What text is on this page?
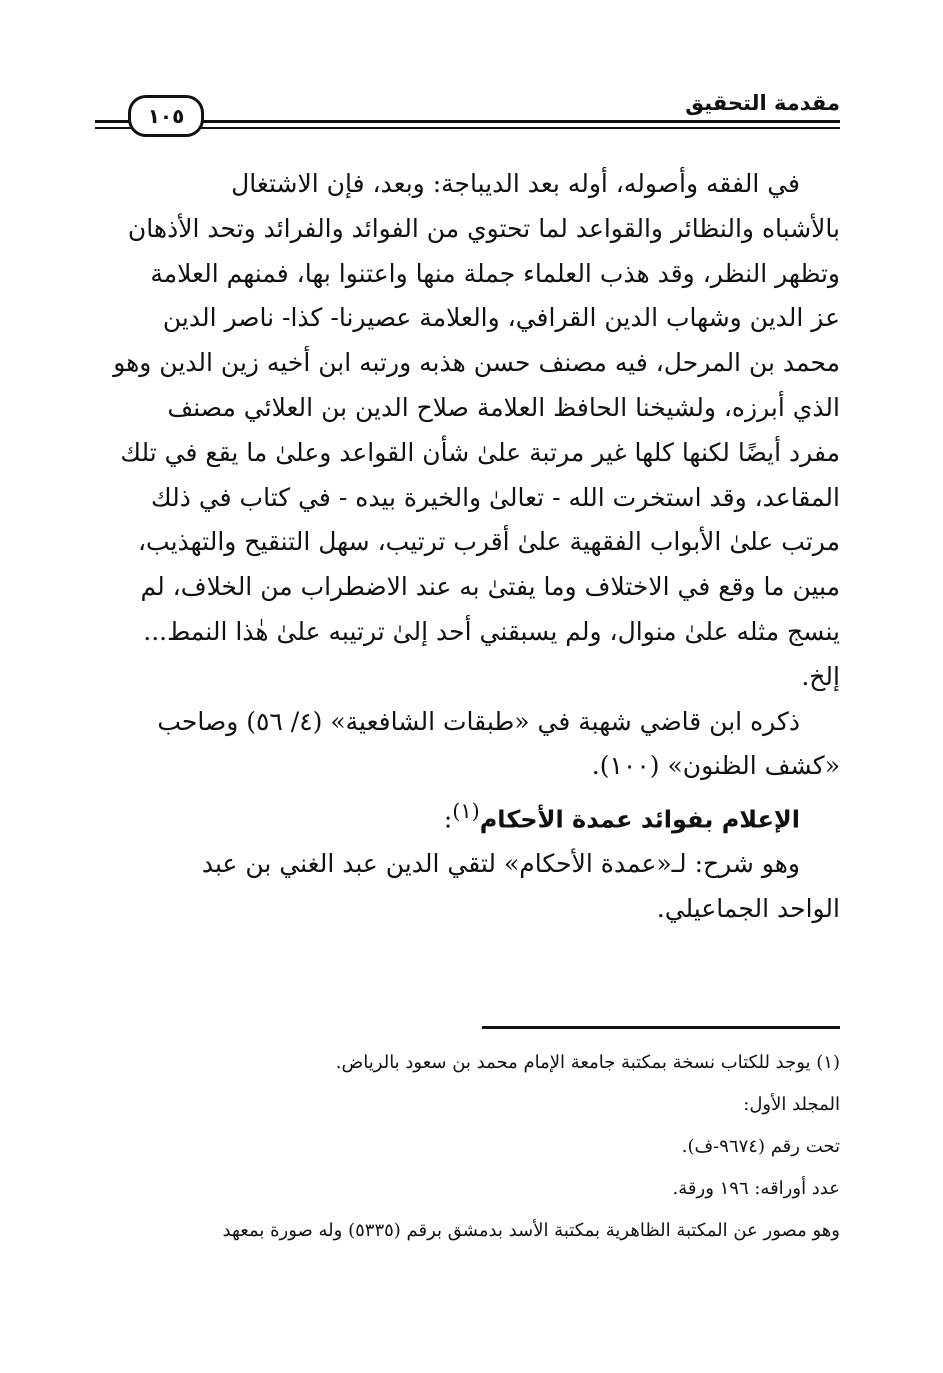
مقدمة التحقيق
١٠٥

في الفقه وأصوله، أوله بعد الديباجة: وبعد، فإن الاشتغال

بالأشباه والنظائر والقواعد لما تحتوي من الفوائد والفرائد وتحد الأذهان

وتظهر النظر، وقد هذب العلماء جملة منها واعتنوا بها، فمنهم العلامة

عز الدين وشهاب الدين القرافي، والعلامة عصيرنا- كذا- ناصر الدين

محمد بن المرحل، فيه مصنف حسن هذبه ورتبه ابن أخيه زين الدين وهو

الذي أبرزه، ولشيخنا الحافظ العلامة صلاح الدين بن العلائي مصنف

مفرد أيضًا لكنها كلها غير مرتبة علىٰ شأن القواعد وعلىٰ ما يقع في تلك

المقاعد، وقد استخرت الله - تعالىٰ والخيرة بيده - في كتاب في ذلك

مرتب علىٰ الأبواب الفقهية علىٰ أقرب ترتيب، سهل التنقيح والتهذيب،

مبين ما وقع في الاختلاف وما يفتىٰ به عند الاضطراب من الخلاف، لم

ينسج مثله علىٰ منوال، ولم يسبقني أحد إلىٰ ترتيبه علىٰ هٰذا النمط...

إلخ.

ذكره ابن قاضي شهبة في «طبقات الشافعية» (٤/ ٥٦) وصاحب

«كشف الظنون» (١٠٠).

الإعلام بفوائد عمدة الأحكام$^{(١)}$:

وهو شرح: لـ«عمدة الأحكام» لتقي الدين عبد الغني بن عبد

الواحد الجماعيلي.

(١) يوجد للكتاب نسخة بمكتبة جامعة الإمام محمد بن سعود بالرياض.

المجلد الأول:

تحت رقم (٩٦٧٤-ف).

عدد أوراقه: ١٩٦ ورقة.

وهو مصور عن المكتبة الظاهرية بمكتبة الأسد بدمشق برقم (٥٣٣٥) وله صورة بمعهد
